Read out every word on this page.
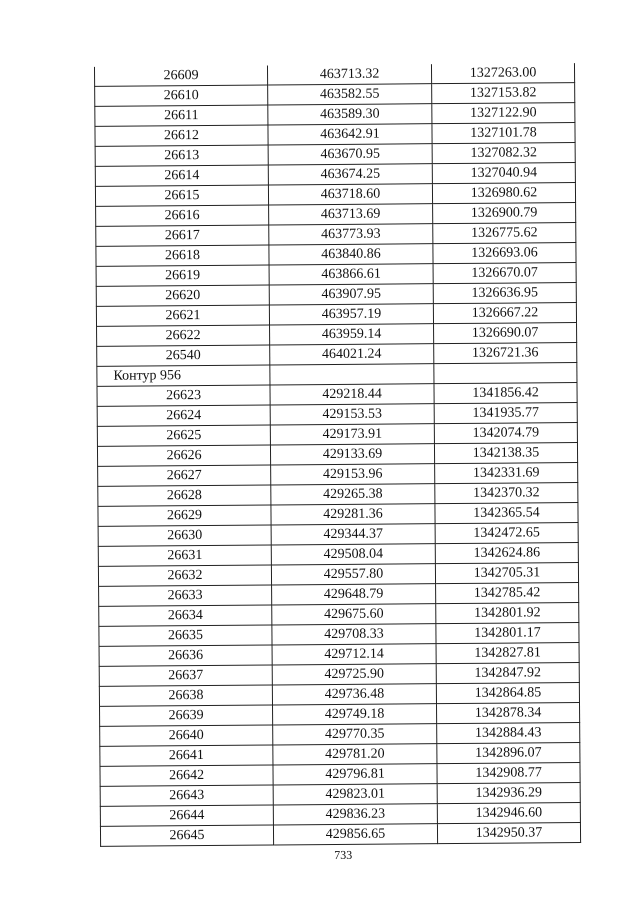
26609	463713.32	1327263.00
26610	463582.55	1327153.82
26611	463589.30	1327122.90
26612	463642.91	1327101.78
26613	463670.95	1327082.32
26614	463674.25	1327040.94
26615	463718.60	1326980.62
26616	463713.69	1326900.79
26617	463773.93	1326775.62
26618	463840.86	1326693.06
26619	463866.61	1326670.07
26620	463907.95	1326636.95
26621	463957.19	1326667.22
26622	463959.14	1326690.07
26540	464021.24	1326721.36
Контур 956		
26623	429218.44	1341856.42
26624	429153.53	1341935.77
26625	429173.91	1342074.79
26626	429133.69	1342138.35
26627	429153.96	1342331.69
26628	429265.38	1342370.32
26629	429281.36	1342365.54
26630	429344.37	1342472.65
26631	429508.04	1342624.86
26632	429557.80	1342705.31
26633	429648.79	1342785.42
26634	429675.60	1342801.92
26635	429708.33	1342801.17
26636	429712.14	1342827.81
26637	429725.90	1342847.92
26638	429736.48	1342864.85
26639	429749.18	1342878.34
26640	429770.35	1342884.43
26641	429781.20	1342896.07
26642	429796.81	1342908.77
26643	429823.01	1342936.29
26644	429836.23	1342946.60
26645	429856.65	1342950.37
733
